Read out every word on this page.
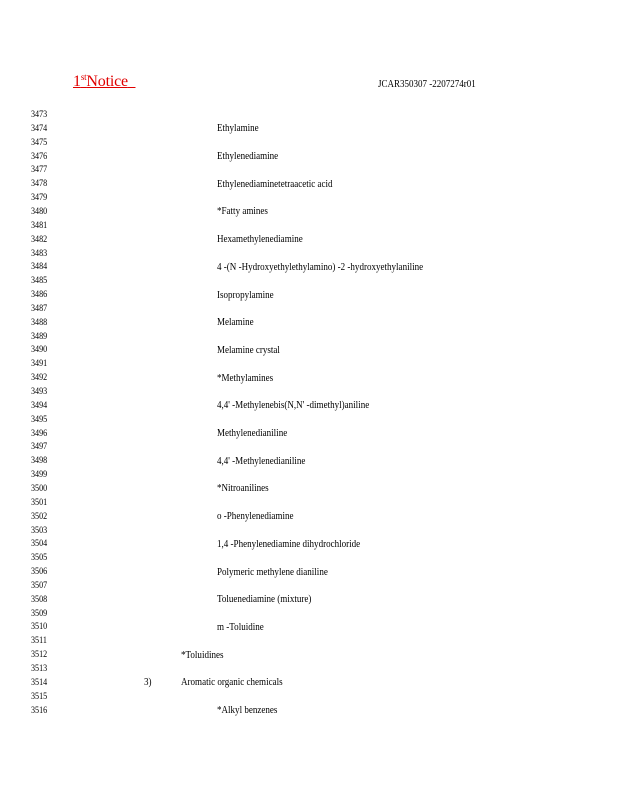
1stNotice	JCAR350307 -2207274r01
3473
3474
3475
3476
3477
3478
3479
3480
3481
3482
3483
3484
3485
3486
3487
3488
3489
3490
3491
3492
3493
3494
3495
3496
3497
3498
3499
3500
3501
3502
3503
3504
3505
3506
3507
3508
3509
3510
3511
3512
3513
3514
3515
3516
Ethylamine
Ethylenediamine
Ethylenediaminetetraacetic acid
*Fatty amines
Hexamethylenediamine
4 -(N -Hydroxyethylethylamino) -2 -hydroxyethylaniline
Isopropylamine
Melamine
Melamine crystal
*Methylamines
4,4' -Methylenebis(N,N' -dimethyl)aniline
Methylenedianiline
4,4' -Methylenedianiline
*Nitroanilines
o -Phenylenediamine
1,4 -Phenylenediamine dihydrochloride
Polymeric methylene dianiline
Toluenediamine (mixture)
m -Toluidine
*Toluidines
Aromatic organic chemicals
3)
*Alkyl benzenes
